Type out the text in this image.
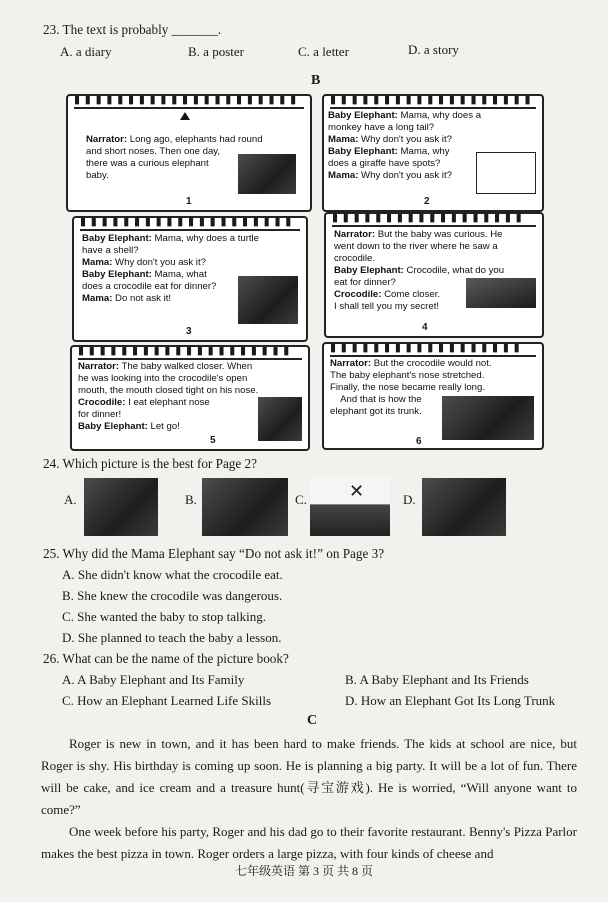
23. The text is probably _______.
A. a diary	B. a poster	C. a letter	D. a story
B
▮ ▮ ▮ ▮ ▮ ▮ ▮ ▮ ▮ ▮ ▮ ▮ ▮ ▮ ▮ ▮ ▮ ▮ ▮ ▮ ▮
Narrator: Long ago, elephants had round
and short noses. Then one day,
there was a curious elephant
baby.
1
▮ ▮ ▮ ▮ ▮ ▮ ▮ ▮ ▮ ▮ ▮ ▮ ▮ ▮ ▮ ▮ ▮ ▮ ▮
Baby Elephant: Mama, why does a
monkey have a long tail?
Mama: Why don't you ask it?
Baby Elephant: Mama, why
does a giraffe have spots?
Mama: Why don't you ask it?
2
▮ ▮ ▮ ▮ ▮ ▮ ▮ ▮ ▮ ▮ ▮ ▮ ▮ ▮ ▮ ▮ ▮ ▮ ▮ ▮
Baby Elephant: Mama, why does a turtle
have a shell?
Mama: Why don't you ask it?
Baby Elephant: Mama, what
does a crocodile eat for dinner?
Mama: Do not ask it!
3
▮ ▮ ▮ ▮ ▮ ▮ ▮ ▮ ▮ ▮ ▮ ▮ ▮ ▮ ▮ ▮ ▮ ▮
Narrator: But the baby was curious. He
went down to the river where he saw a
crocodile.
Baby Elephant: Crocodile, what do you
eat for dinner?
Crocodile: Come closer.
I shall tell you my secret!
4
▮ ▮ ▮ ▮ ▮ ▮ ▮ ▮ ▮ ▮ ▮ ▮ ▮ ▮ ▮ ▮ ▮ ▮ ▮ ▮
Narrator: The baby walked closer. When
he was looking into the crocodile's open
mouth, the mouth closed tight on his nose.
Crocodile: I eat elephant nose
for dinner!
Baby Elephant: Let go!
5
▮ ▮ ▮ ▮ ▮ ▮ ▮ ▮ ▮ ▮ ▮ ▮ ▮ ▮ ▮ ▮ ▮ ▮
Narrator: But the crocodile would not.
The baby elephant's nose stretched.
Finally, the nose became really long.
And that is how the
elephant got its trunk.
6
24. Which picture is the best for Page 2?
A.	B.	C. ✕	D.
25. Why did the Mama Elephant say “Do not ask it!” on Page 3?
A. She didn't know what the crocodile eat.
B. She knew the crocodile was dangerous.
C. She wanted the baby to stop talking.
D. She planned to teach the baby a lesson.
26. What can be the name of the picture book?
A. A Baby Elephant and Its Family	B. A Baby Elephant and Its Friends
C. How an Elephant Learned Life Skills	D. How an Elephant Got Its Long Trunk
C
Roger is new in town, and it has been hard to make friends. The kids at school are nice, but Roger is shy. His birthday is coming up soon. He is planning a big party. It will be a lot of fun. There will be cake, and ice cream and a treasure hunt(寻宝游戏). He is worried, “Will anyone want to come?”
One week before his party, Roger and his dad go to their favorite restaurant. Benny's Pizza Parlor makes the best pizza in town. Roger orders a large pizza, with four kinds of cheese and
七年级英语 第 3 页 共 8 页
